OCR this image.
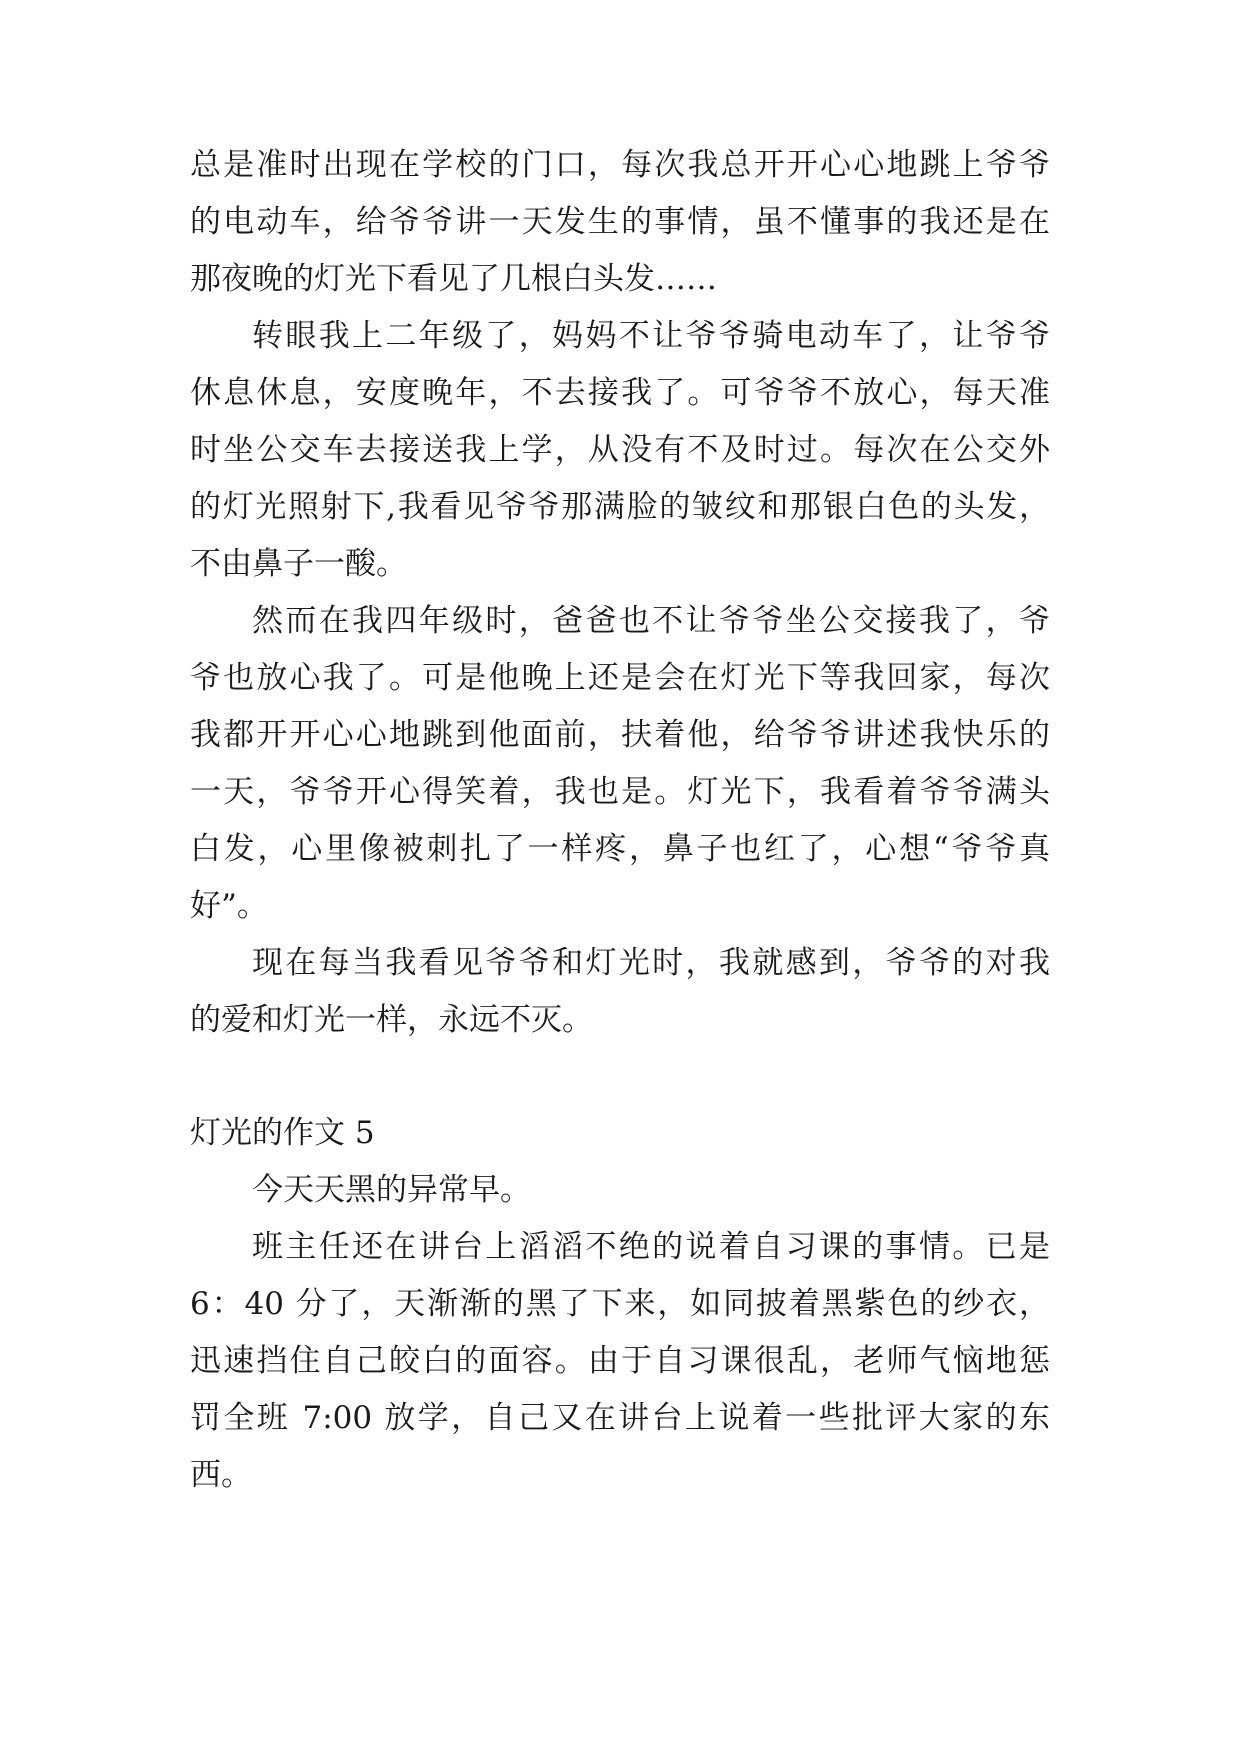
总是准时出现在学校的门口，每次我总开开心心地跳上爷爷
的电动车，给爷爷讲一天发生的事情，虽不懂事的我还是在
那夜晚的灯光下看见了几根白头发……
转眼我上二年级了，妈妈不让爷爷骑电动车了，让爷爷
休息休息，安度晚年，不去接我了。可爷爷不放心，每天准
时坐公交车去接送我上学，从没有不及时过。每次在公交外
的灯光照射下,我看见爷爷那满脸的皱纹和那银白色的头发，
不由鼻子一酸。
然而在我四年级时，爸爸也不让爷爷坐公交接我了，爷
爷也放心我了。可是他晚上还是会在灯光下等我回家，每次
我都开开心心地跳到他面前，扶着他，给爷爷讲述我快乐的
一天，爷爷开心得笑着，我也是。灯光下，我看着爷爷满头
白发，心里像被刺扎了一样疼，鼻子也红了，心想“爷爷真
好”。
现在每当我看见爷爷和灯光时，我就感到，爷爷的对我
的爱和灯光一样，永远不灭。
灯光的作文 5
今天天黑的异常早。
班主任还在讲台上滔滔不绝的说着自习课的事情。已是
6：40 分了，天渐渐的黑了下来，如同披着黑紫色的纱衣，
迅速挡住自己皎白的面容。由于自习课很乱，老师气恼地惩
罚全班 7:00 放学，自己又在讲台上说着一些批评大家的东
西。
